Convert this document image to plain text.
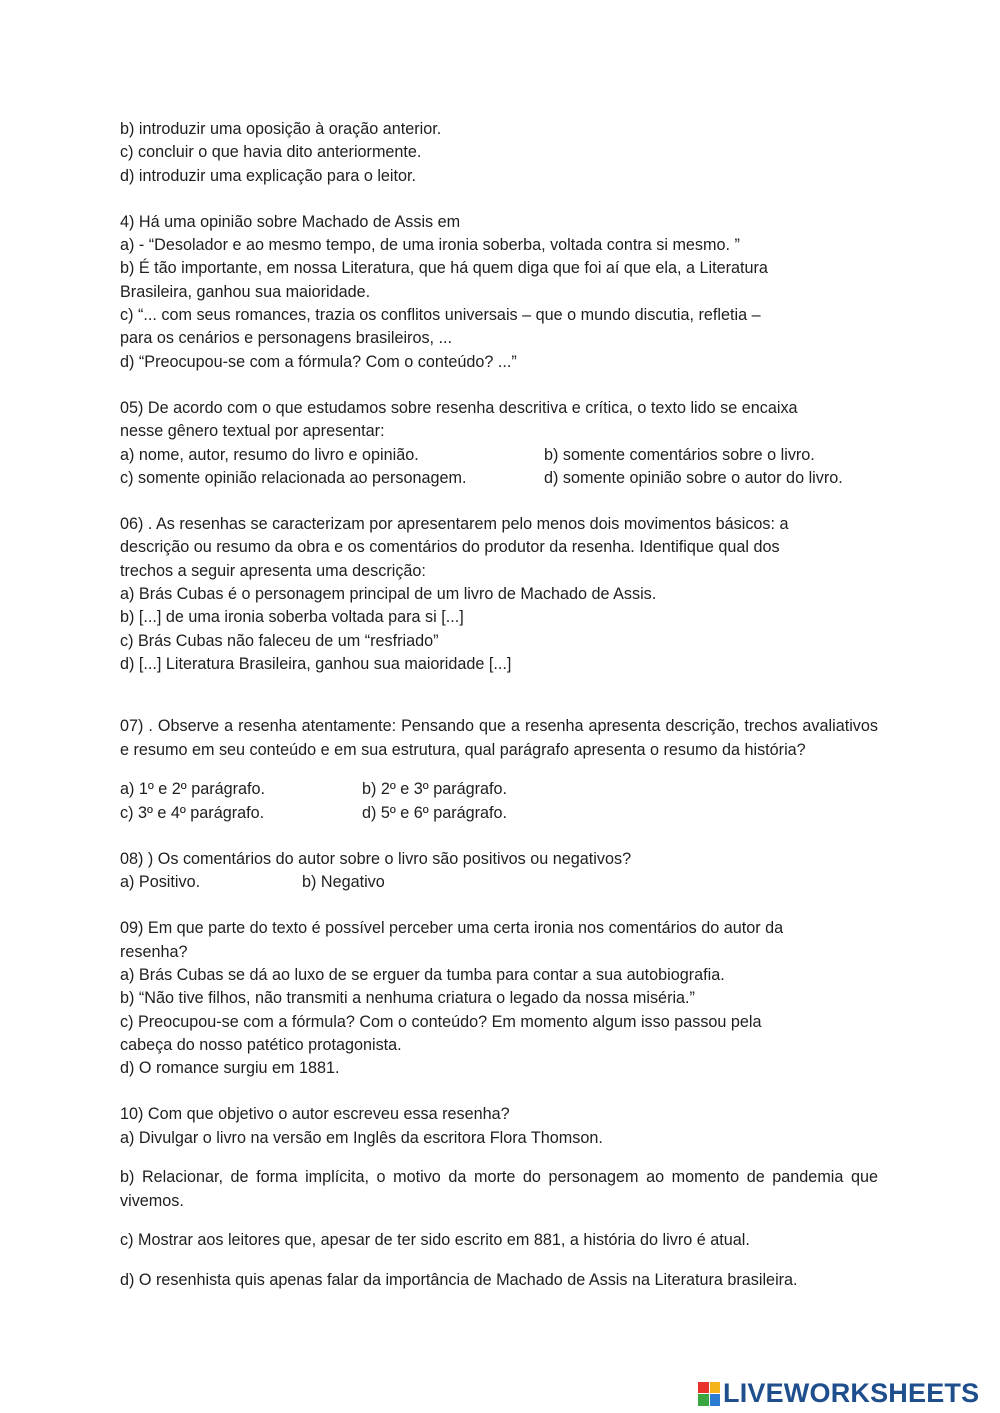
b) introduzir uma oposição à oração anterior.

c) concluir o que havia dito anteriormente.

d) introduzir uma explicação para o leitor.

4) Há uma opinião sobre Machado de Assis em

a) - “Desolador e ao mesmo tempo, de uma ironia soberba, voltada contra si mesmo. ”

b) É tão importante, em nossa Literatura, que há quem diga que foi aí que ela, a Literatura

Brasileira, ganhou sua maioridade.

c) “... com seus romances, trazia os conflitos universais – que o mundo discutia, refletia –

para os cenários e personagens brasileiros, ...

d) “Preocupou-se com a fórmula? Com o conteúdo? ...”

05) De acordo com o que estudamos sobre resenha descritiva e crítica, o texto lido se encaixa

nesse gênero textual por apresentar:

a) nome, autor, resumo do livro e opinião.	b) somente comentários sobre o livro.
c) somente opinião relacionada ao personagem.	d) somente opinião sobre o autor do livro.

06) . As resenhas se caracterizam por apresentarem pelo menos dois movimentos básicos: a

descrição ou resumo da obra e os comentários do produtor da resenha. Identifique qual dos

trechos a seguir apresenta uma descrição:

a) Brás Cubas é o personagem principal de um livro de Machado de Assis.

b) [...] de uma ironia soberba voltada para si [...]

c) Brás Cubas não faleceu de um “resfriado”

d) [...] Literatura Brasileira, ganhou sua maioridade [...]

07) . Observe a resenha atentamente: Pensando que a resenha apresenta descrição, trechos avaliativos e resumo em seu conteúdo e em sua estrutura, qual parágrafo apresenta o resumo da história?

a) 1º e 2º parágrafo.	b) 2º e 3º parágrafo.
c) 3º e 4º parágrafo.	d) 5º e 6º parágrafo.

08) ) Os comentários do autor sobre o livro são positivos ou negativos?

a) Positivo.	b) Negativo

09) Em que parte do texto é possível perceber uma certa ironia nos comentários do autor da

resenha?

a) Brás Cubas se dá ao luxo de se erguer da tumba para contar a sua autobiografia.

b) “Não tive filhos, não transmiti a nenhuma criatura o legado da nossa miséria.”

c) Preocupou-se com a fórmula? Com o conteúdo? Em momento algum isso passou pela

cabeça do nosso patético protagonista.

d) O romance surgiu em 1881.

10) Com que objetivo o autor escreveu essa resenha?

a) Divulgar o livro na versão em Inglês da escritora Flora Thomson.

b) Relacionar, de forma implícita, o motivo da morte do personagem ao momento de pandemia que vivemos.

c) Mostrar aos leitores que, apesar de ter sido escrito em 881, a história do livro é atual.

d) O resenhista quis apenas falar da importância de Machado de Assis na Literatura brasileira.

LIVEWORKSHEETS
